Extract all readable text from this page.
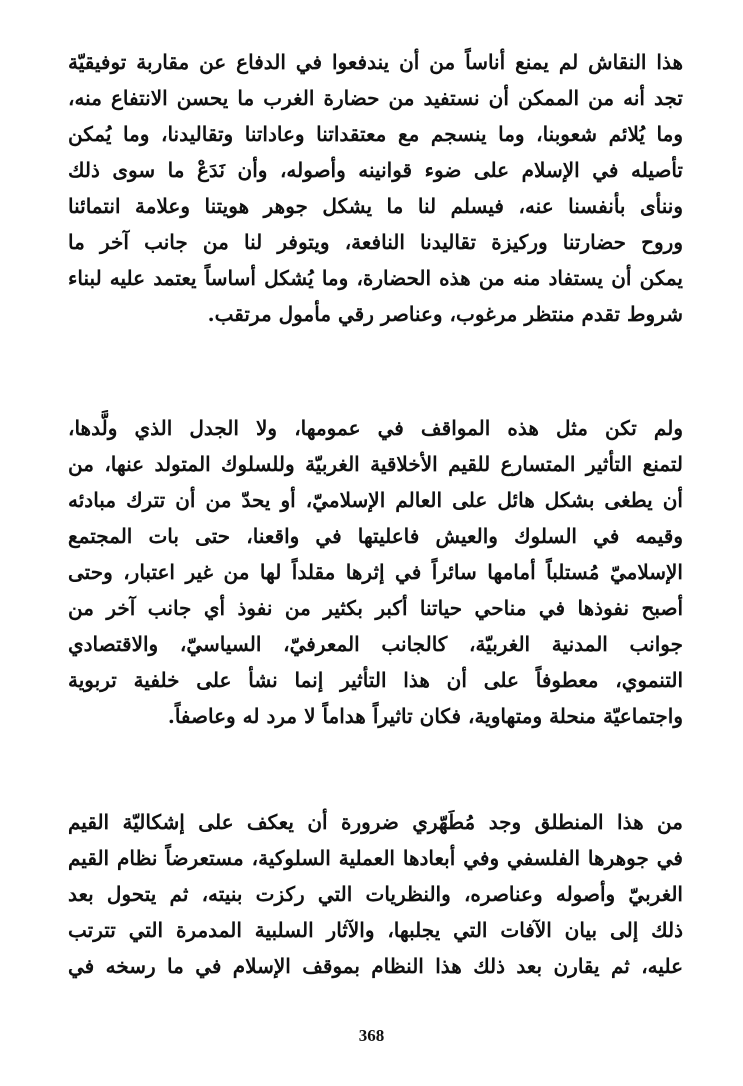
هذا النقاش لم يمنع أناساً من أن يندفعوا في الدفاع عن مقاربة توفيقيّة
تجد أنه من الممكن أن نستفيد من حضارة الغرب ما يحسن الانتفاع منه،
وما يُلائم شعوبنا، وما ينسجم مع معتقداتنا وعاداتنا وتقاليدنا، وما يُمكن
تأصيله في الإسلام على ضوء قوانينه وأصوله، وأن نَدَعْ ما سوى ذلك
وننأى بأنفسنا عنه، فيسلم لنا ما يشكل جوهر هويتنا وعلامة انتمائنا
وروح حضارتنا وركيزة تقاليدنا النافعة، ويتوفر لنا من جانب آخر ما
يمكن أن يستفاد منه من هذه الحضارة، وما يُشكل أساساً يعتمد عليه لبناء
شروط تقدم منتظر مرغوب، وعناصر رقي مأمول مرتقب.
ولم تكن مثل هذه المواقف في عمومها، ولا الجدل الذي ولَّدها،
لتمنع التأثير المتسارع للقيم الأخلاقية الغربيّة وللسلوك المتولد عنها، من
أن يطغى بشكل هائل على العالم الإسلاميّ، أو يحدّ من أن تترك مبادئه
وقيمه في السلوك والعيش فاعليتها في واقعنا، حتى بات المجتمع
الإسلاميّ مُستلباً أمامها سائراً في إثرها مقلداً لها من غير اعتبار، وحتى
أصبح نفوذها في مناحي حياتنا أكبر بكثير من نفوذ أي جانب آخر من
جوانب المدنية الغربيّة، كالجانب المعرفيّ، السياسيّ، والاقتصادي
التنموي، معطوفاً على أن هذا التأثير إنما نشأ على خلفية تربوية
واجتماعيّة منحلة ومتهاوية، فكان تاثيراً هداماً لا مرد له وعاصفاً.
من هذا المنطلق وجد مُطَهّري ضرورة أن يعكف على إشكاليّة القيم
في جوهرها الفلسفي وفي أبعادها العملية السلوكية، مستعرضاً نظام القيم
الغربيّ وأصوله وعناصره، والنظريات التي ركزت بنيته، ثم يتحول بعد
ذلك إلى بيان الآفات التي يجلبها، والآثار السلبية المدمرة التي تترتب
عليه، ثم يقارن بعد ذلك هذا النظام بموقف الإسلام في ما رسخه في
368
